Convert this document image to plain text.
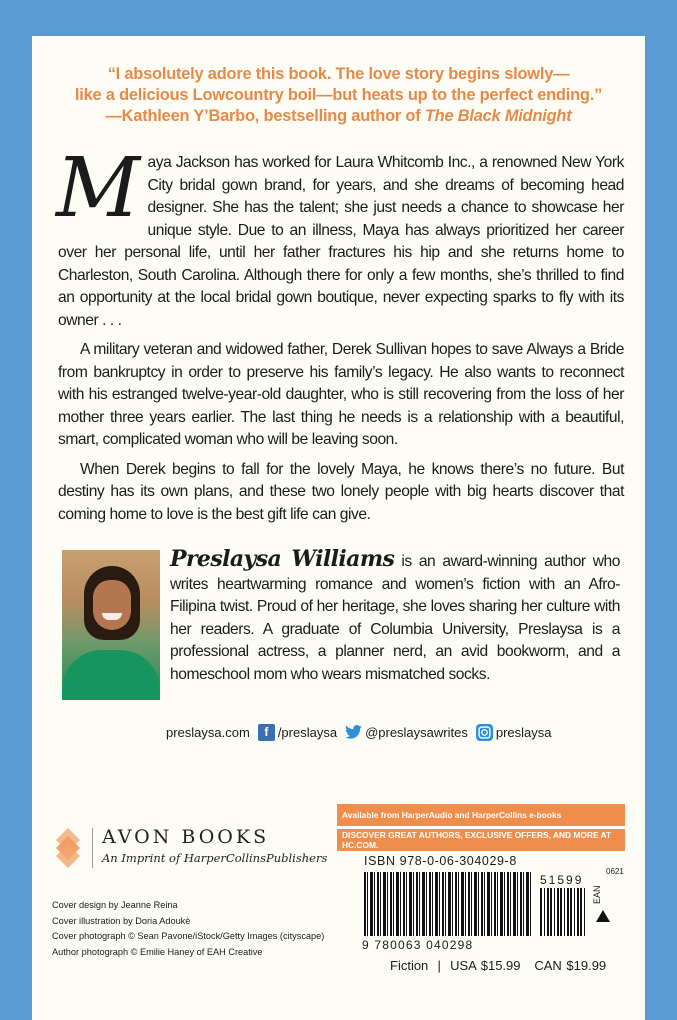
“I absolutely adore this book. The love story begins slowly—
like a delicious Lowcountry boil—but heats up to the perfect ending.”
—Kathleen Y’Barbo, bestselling author of The Black Midnight

Maya Jackson has worked for Laura Whitcomb Inc., a renowned New York City bridal gown brand, for years, and she dreams of becoming head designer. She has the talent; she just needs a chance to showcase her unique style. Due to an illness, Maya has always prioritized her career over her personal life, until her father fractures his hip and she returns home to Charleston, South Carolina. Although there for only a few months, she’s thrilled to find an opportunity at the local bridal gown boutique, never expecting sparks to fly with its owner . . .

A military veteran and widowed father, Derek Sullivan hopes to save Always a Bride from bankruptcy in order to preserve his family’s legacy. He also wants to reconnect with his estranged twelve-year-old daughter, who is still recovering from the loss of her mother three years earlier. The last thing he needs is a relationship with a beautiful, smart, complicated woman who will be leaving soon.

When Derek begins to fall for the lovely Maya, he knows there’s no future. But destiny has its own plans, and these two lonely people with big hearts discover that coming home to love is the best gift life can give.

Preslaysa Williams is an award-winning author who writes heartwarming romance and women’s fiction with an Afro-Filipina twist. Proud of her heritage, she loves sharing her culture with her readers. A graduate of Columbia University, Preslaysa is a professional actress, a planner nerd, an avid bookworm, and a homeschool mom who wears mismatched socks.
preslaysa.com	f /preslaysa @preslaysawrites preslaysa
AVON BOOKS
An Imprint of HarperCollinsPublishers
Cover design by Jeanne Reina
Cover illustration by Doria Adoukè
Cover photograph © Sean Pavone/iStock/Getty Images (cityscape)
Author photograph © Emilie Haney of EAH Creative
Available from HarperAudio and HarperCollins e-books
DISCOVER GREAT AUTHORS, EXCLUSIVE OFFERS, AND MORE AT HC.COM.
ISBN 978-0-06-304029-8
0621
51599
EAN
9 780063 040298
Fiction  |  USA $15.99   CAN $19.99
